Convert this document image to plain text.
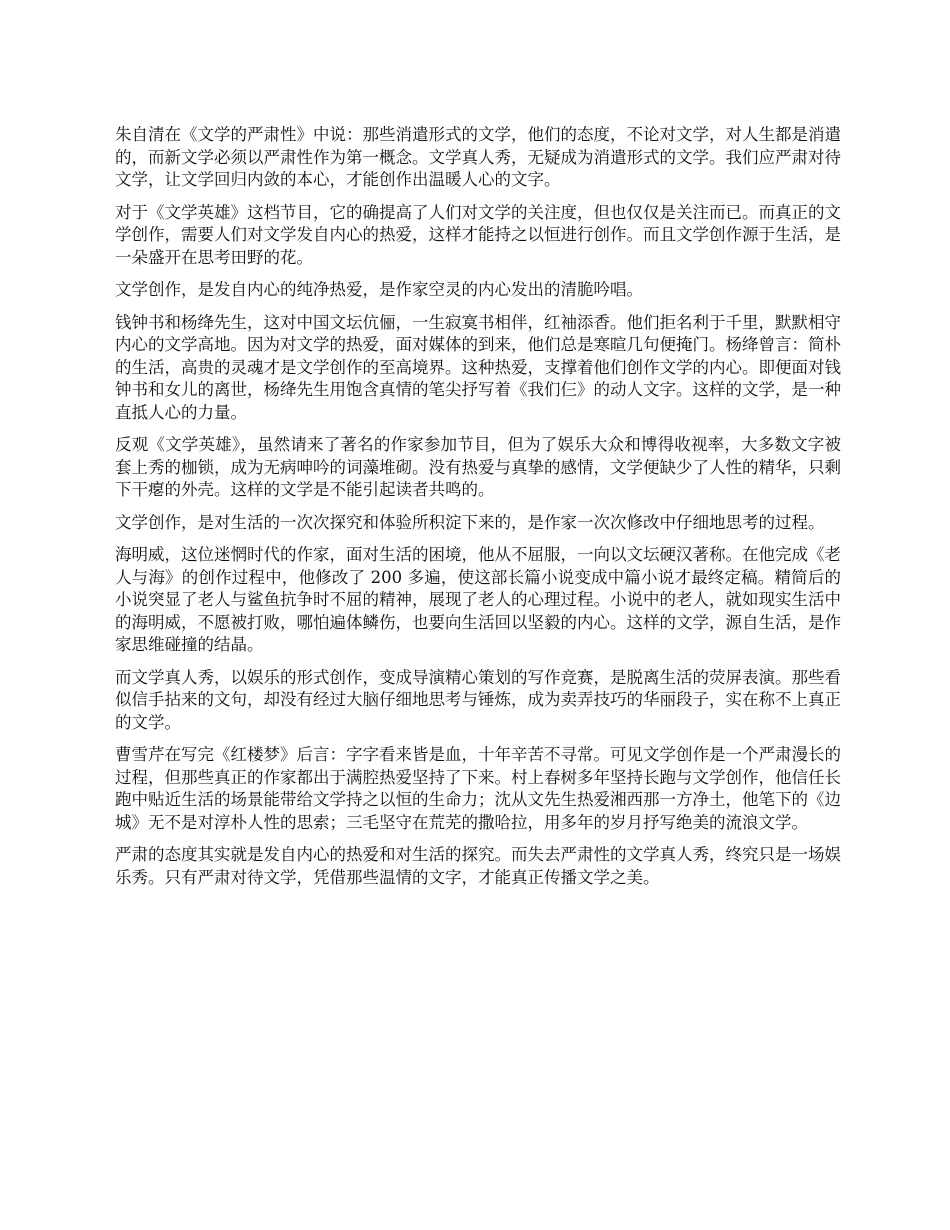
朱自清在《文学的严肃性》中说：那些消遣形式的文学，他们的态度，不论对文学，对人生都是消遣的，而新文学必须以严肃性作为第一概念。文学真人秀，无疑成为消遣形式的文学。我们应严肃对待文学，让文学回归内敛的本心，才能创作出温暖人心的文字。

对于《文学英雄》这档节目，它的确提高了人们对文学的关注度，但也仅仅是关注而已。而真正的文学创作，需要人们对文学发自内心的热爱，这样才能持之以恒进行创作。而且文学创作源于生活，是一朵盛开在思考田野的花。

文学创作，是发自内心的纯净热爱，是作家空灵的内心发出的清脆吟唱。

钱钟书和杨绛先生，这对中国文坛伉俪，一生寂寞书相伴，红袖添香。他们拒名利于千里，默默相守内心的文学高地。因为对文学的热爱，面对媒体的到来，他们总是寒暄几句便掩门。杨绛曾言：简朴的生活，高贵的灵魂才是文学创作的至高境界。这种热爱，支撑着他们创作文学的内心。即便面对钱钟书和女儿的离世，杨绛先生用饱含真情的笔尖抒写着《我们仨》的动人文字。这样的文学，是一种直抵人心的力量。

反观《文学英雄》，虽然请来了著名的作家参加节目，但为了娱乐大众和博得收视率，大多数文字被套上秀的枷锁，成为无病呻吟的词藻堆砌。没有热爱与真挚的感情，文学便缺少了人性的精华，只剩下干瘪的外壳。这样的文学是不能引起读者共鸣的。

文学创作，是对生活的一次次探究和体验所积淀下来的，是作家一次次修改中仔细地思考的过程。

海明威，这位迷惘时代的作家，面对生活的困境，他从不屈服，一向以文坛硬汉著称。在他完成《老人与海》的创作过程中，他修改了 200 多遍，使这部长篇小说变成中篇小说才最终定稿。精简后的小说突显了老人与鲨鱼抗争时不屈的精神，展现了老人的心理过程。小说中的老人，就如现实生活中的海明威，不愿被打败，哪怕遍体鳞伤，也要向生活回以坚毅的内心。这样的文学，源自生活，是作家思维碰撞的结晶。

而文学真人秀，以娱乐的形式创作，变成导演精心策划的写作竞赛，是脱离生活的荧屏表演。那些看似信手拈来的文句，却没有经过大脑仔细地思考与锤炼，成为卖弄技巧的华丽段子，实在称不上真正的文学。

曹雪芹在写完《红楼梦》后言：字字看来皆是血，十年辛苦不寻常。可见文学创作是一个严肃漫长的过程，但那些真正的作家都出于满腔热爱坚持了下来。村上春树多年坚持长跑与文学创作，他信任长跑中贴近生活的场景能带给文学持之以恒的生命力；沈从文先生热爱湘西那一方净土，他笔下的《边城》无不是对淳朴人性的思索；三毛坚守在荒芜的撒哈拉，用多年的岁月抒写绝美的流浪文学。

严肃的态度其实就是发自内心的热爱和对生活的探究。而失去严肃性的文学真人秀，终究只是一场娱乐秀。只有严肃对待文学，凭借那些温情的文字，才能真正传播文学之美。
